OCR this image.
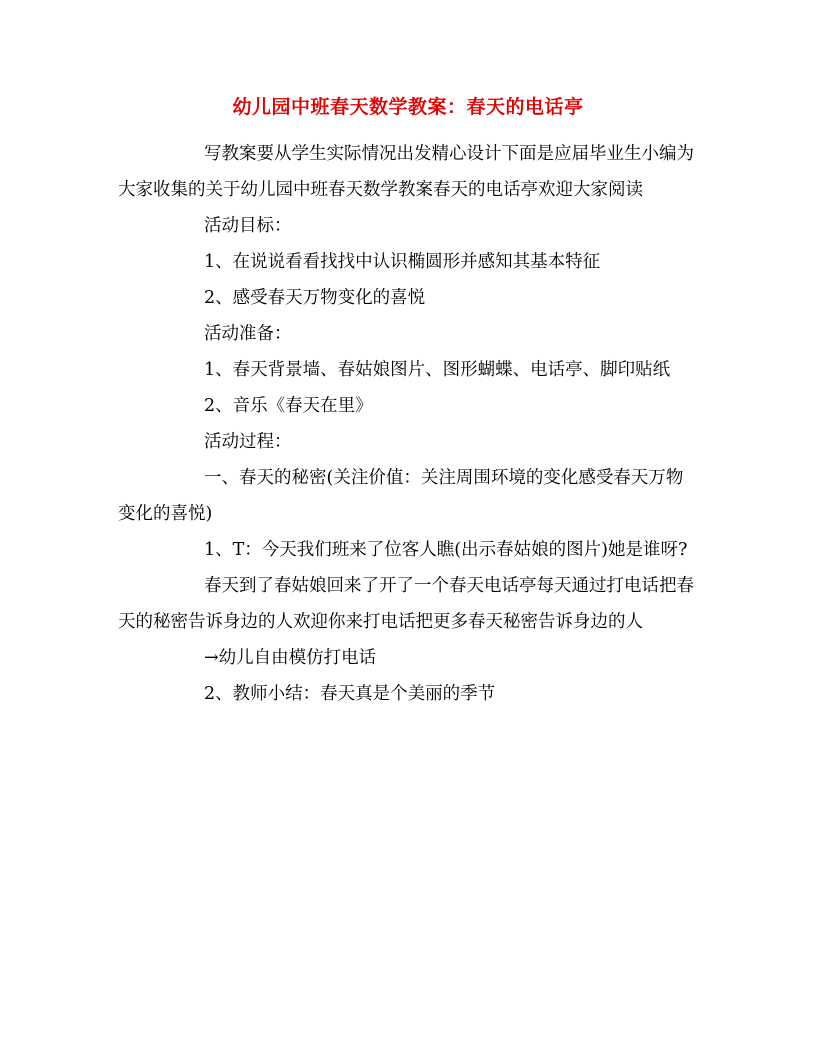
幼儿园中班春天数学教案：春天的电话亭

写教案要从学生实际情况出发精心设计下面是应届毕业生小编为大家收集的关于幼儿园中班春天数学教案春天的电话亭欢迎大家阅读

活动目标：

1、在说说看看找找中认识椭圆形并感知其基本特征

2、感受春天万物变化的喜悦

活动准备：

1、春天背景墙、春姑娘图片、图形蝴蝶、电话亭、脚印贴纸

2、音乐《春天在里》

活动过程：

一、春天的秘密(关注价值：关注周围环境的变化感受春天万物变化的喜悦)

1、T：今天我们班来了位客人瞧(出示春姑娘的图片)她是谁呀?

春天到了春姑娘回来了开了一个春天电话亭每天通过打电话把春天的秘密告诉身边的人欢迎你来打电话把更多春天秘密告诉身边的人

→幼儿自由模仿打电话

2、教师小结：春天真是个美丽的季节
